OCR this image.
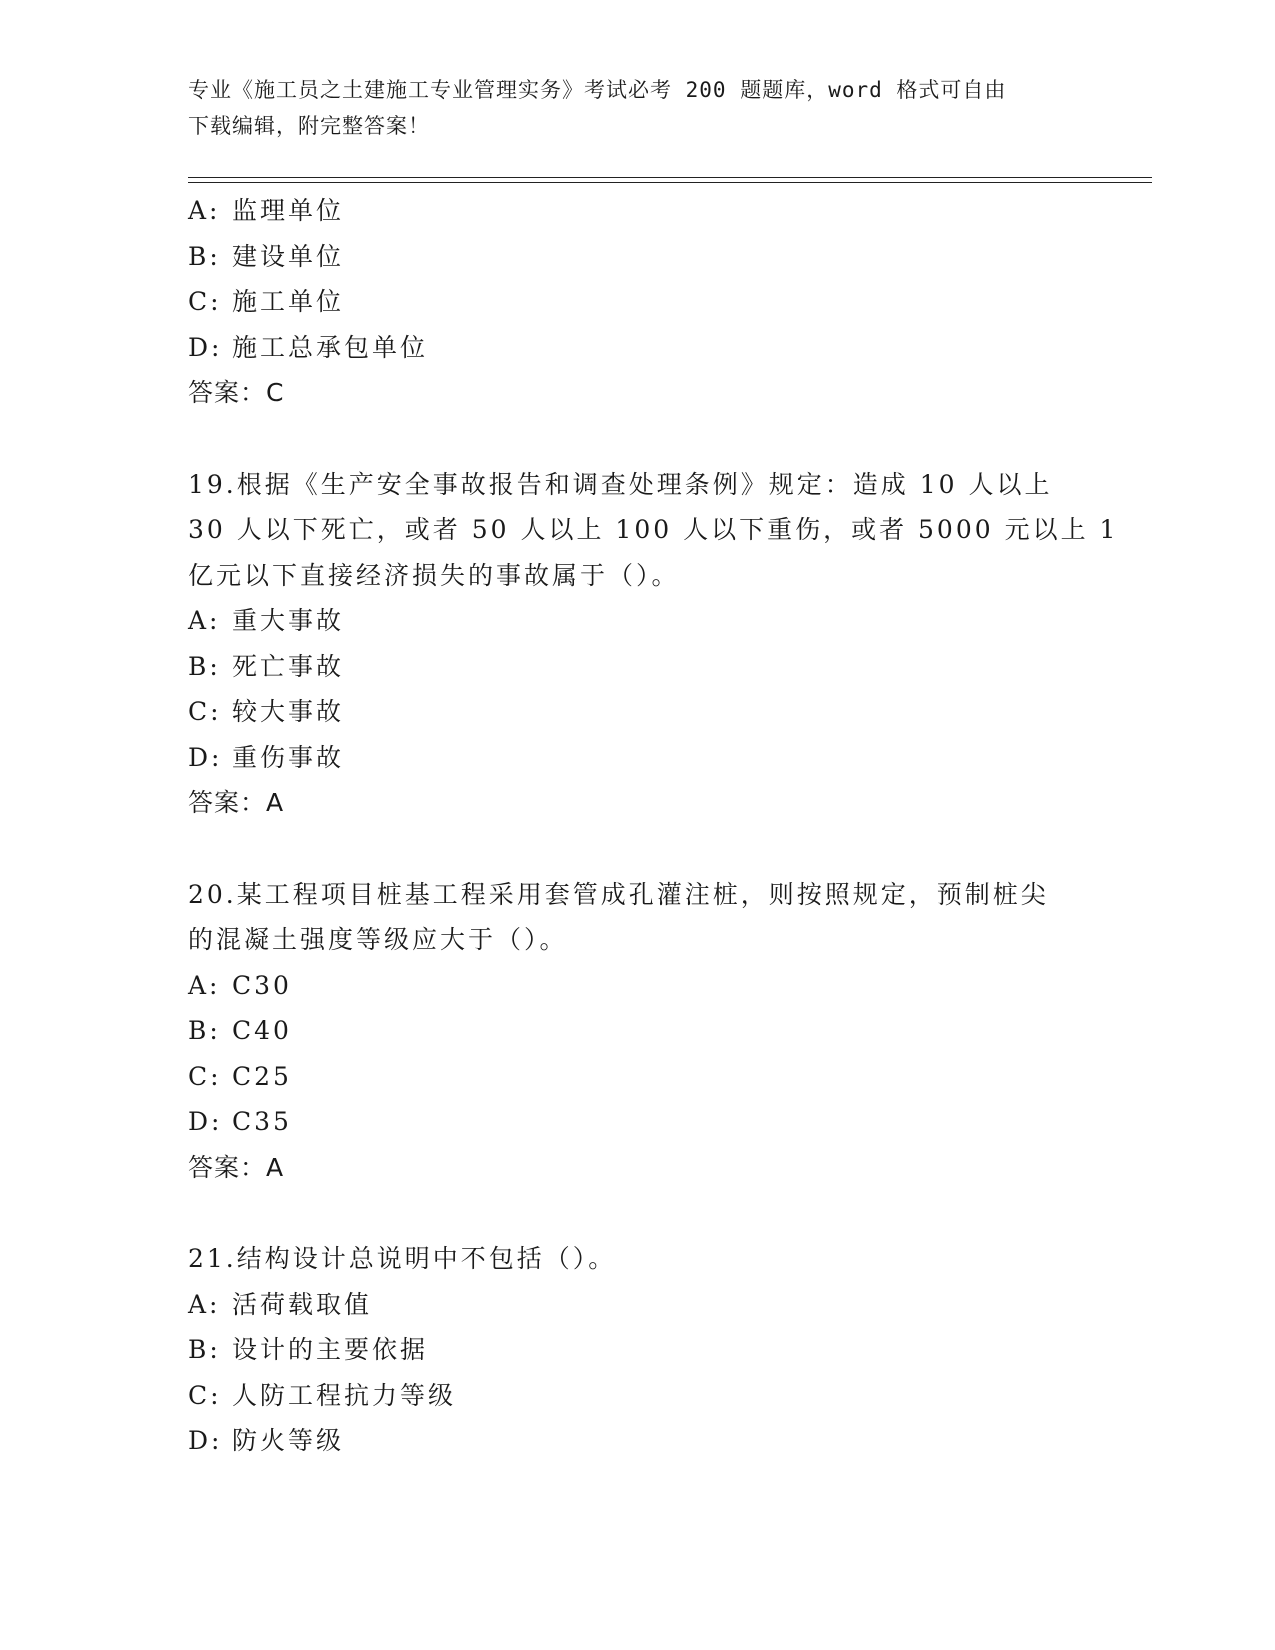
专业《施工员之土建施工专业管理实务》考试必考 200 题题库，word 格式可自由
下载编辑，附完整答案！
A: 监理单位
B: 建设单位
C: 施工单位
D: 施工总承包单位
答案：C
19.根据《生产安全事故报告和调查处理条例》规定：造成 10 人以上
30 人以下死亡，或者 50 人以上 100 人以下重伤，或者 5000 元以上 1
亿元以下直接经济损失的事故属于（）。
A: 重大事故
B: 死亡事故
C: 较大事故
D: 重伤事故
答案：A
20.某工程项目桩基工程采用套管成孔灌注桩，则按照规定，预制桩尖
的混凝土强度等级应大于（）。
A: C30
B: C40
C: C25
D: C35
答案：A
21.结构设计总说明中不包括（）。
A: 活荷载取值
B: 设计的主要依据
C: 人防工程抗力等级
D: 防火等级
